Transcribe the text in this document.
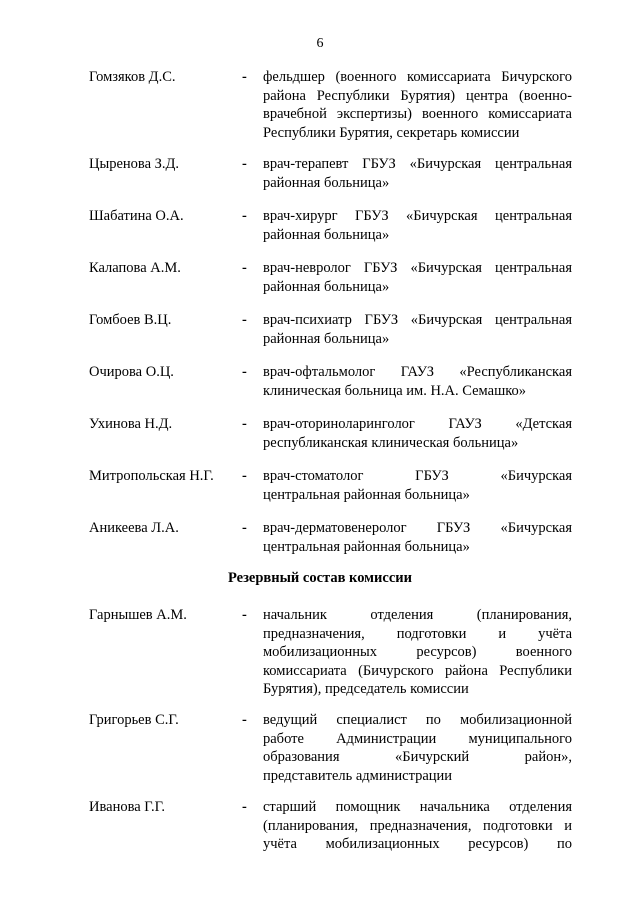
6
Гомзяков Д.С.	- фельдшер (военного комиссариата Бичурского
района Республики Бурятия) центра (военно-
врачебной экспертизы) военного комиссариата
Республики Бурятия, секретарь комиссии
Цыренова З.Д.	- врач-терапевт ГБУЗ «Бичурская центральная
районная больница»
Шабатина О.А.	- врач-хирург ГБУЗ «Бичурская центральная
районная больница»
Калапова А.М.	- врач-невролог ГБУЗ «Бичурская центральная
районная больница»
Гомбоев В.Ц.	- врач-психиатр ГБУЗ «Бичурская центральная
районная больница»
Очирова О.Ц.	- врач-офтальмолог ГАУЗ «Республиканская
клиническая больница им. Н.А. Семашко»
Ухинова Н.Д.	- врач-оториноларинголог ГАУЗ «Детская
республиканская клиническая больница»
Митропольская Н.Г. - врач-стоматолог ГБУЗ «Бичурская
центральная районная больница»
Аникеева Л.А.	- врач-дерматовенеролог ГБУЗ «Бичурская
центральная районная больница»
Резервный состав комиссии
Гарнышев А.М.	- начальник отделения (планирования,
предназначения, подготовки и учёта
мобилизационных ресурсов) военного
комиссариата (Бичурского района Республики
Бурятия), председатель комиссии
Григорьев С.Г.	- ведущий специалист по мобилизационной
работе Администрации муниципального
образования «Бичурский район»,
представитель администрации
Иванова Г.Г.	- старший помощник начальника отделения
(планирования, предназначения, подготовки и
учёта мобилизационных ресурсов) по
